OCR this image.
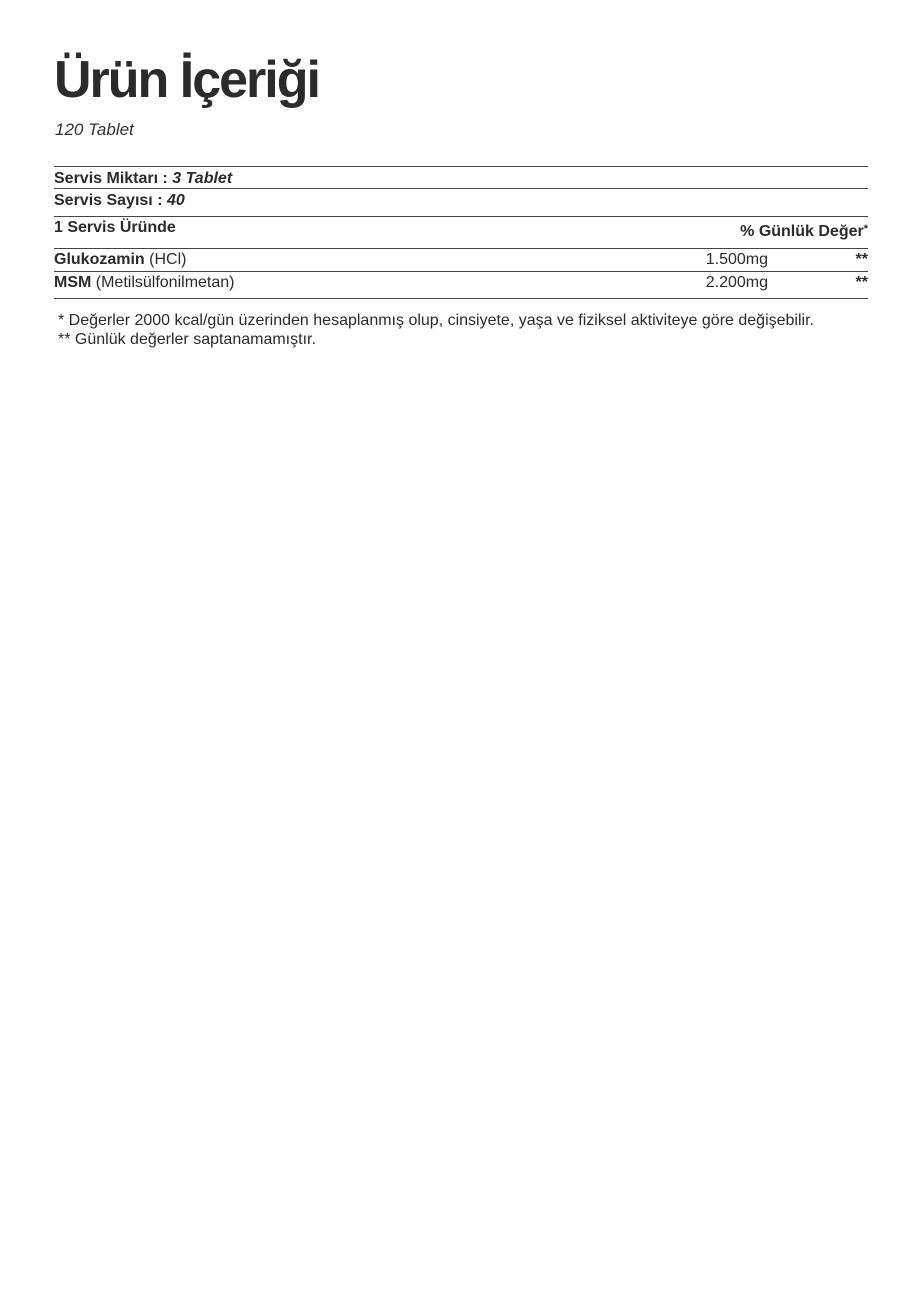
Ürün İçeriği
120 Tablet
Servis Miktarı : 3 Tablet
Servis Sayısı : 40
1 Servis Üründe	% Günlük Değer*
Glukozamin (HCl)	1.500mg	**
MSM (Metilsülfonilmetan)	2.200mg	**
* Değerler 2000 kcal/gün üzerinden hesaplanmış olup, cinsiyete, yaşa ve fiziksel aktiviteye göre değişebilir.
** Günlük değerler saptanamamıştır.
